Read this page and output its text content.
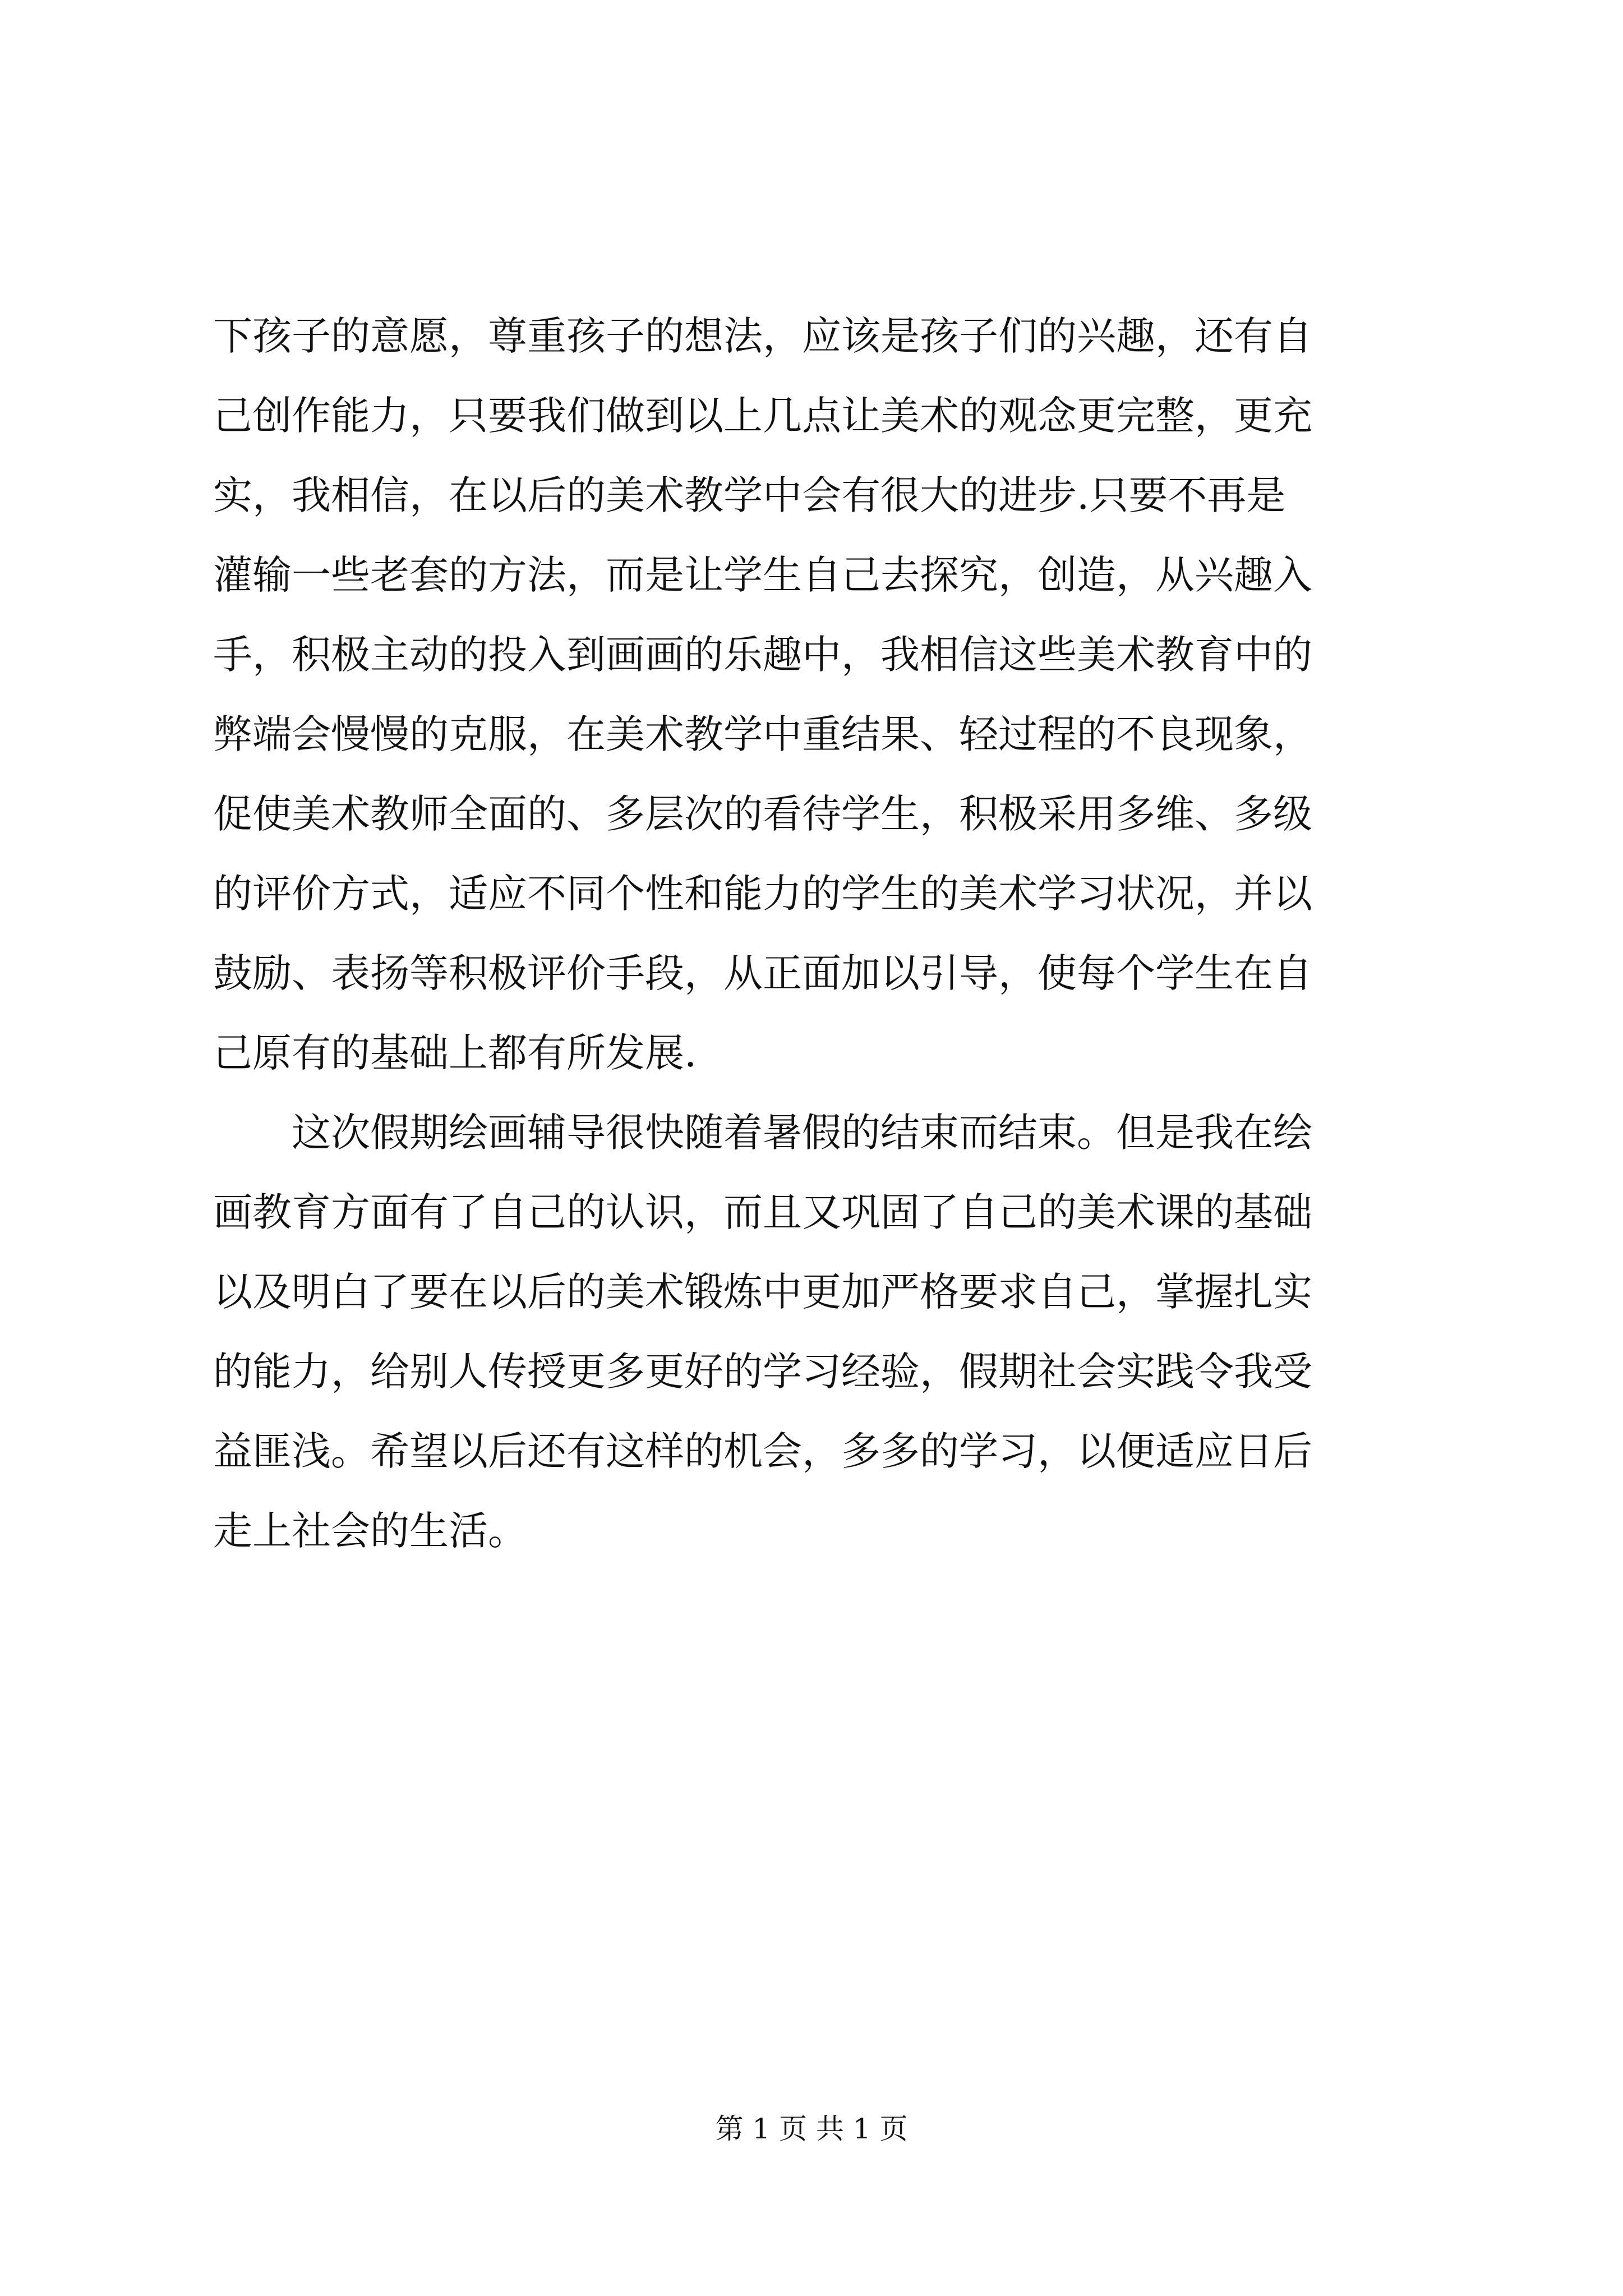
下孩子的意愿，尊重孩子的想法，应该是孩子们的兴趣，还有自
己创作能力，只要我们做到以上几点让美术的观念更完整，更充
实，我相信，在以后的美术教学中会有很大的进步.只要不再是
灌输一些老套的方法，而是让学生自己去探究，创造，从兴趣入
手，积极主动的投入到画画的乐趣中，我相信这些美术教育中的
弊端会慢慢的克服，在美术教学中重结果、轻过程的不良现象，
促使美术教师全面的、多层次的看待学生，积极采用多维、多级
的评价方式，适应不同个性和能力的学生的美术学习状况，并以
鼓励、表扬等积极评价手段，从正面加以引导，使每个学生在自
己原有的基础上都有所发展.
　　这次假期绘画辅导很快随着暑假的结束而结束。但是我在绘
画教育方面有了自己的认识，而且又巩固了自己的美术课的基础
以及明白了要在以后的美术锻炼中更加严格要求自己，掌握扎实
的能力，给别人传授更多更好的学习经验，假期社会实践令我受
益匪浅。希望以后还有这样的机会，多多的学习，以便适应日后
走上社会的生活。
第 1 页 共 1 页
